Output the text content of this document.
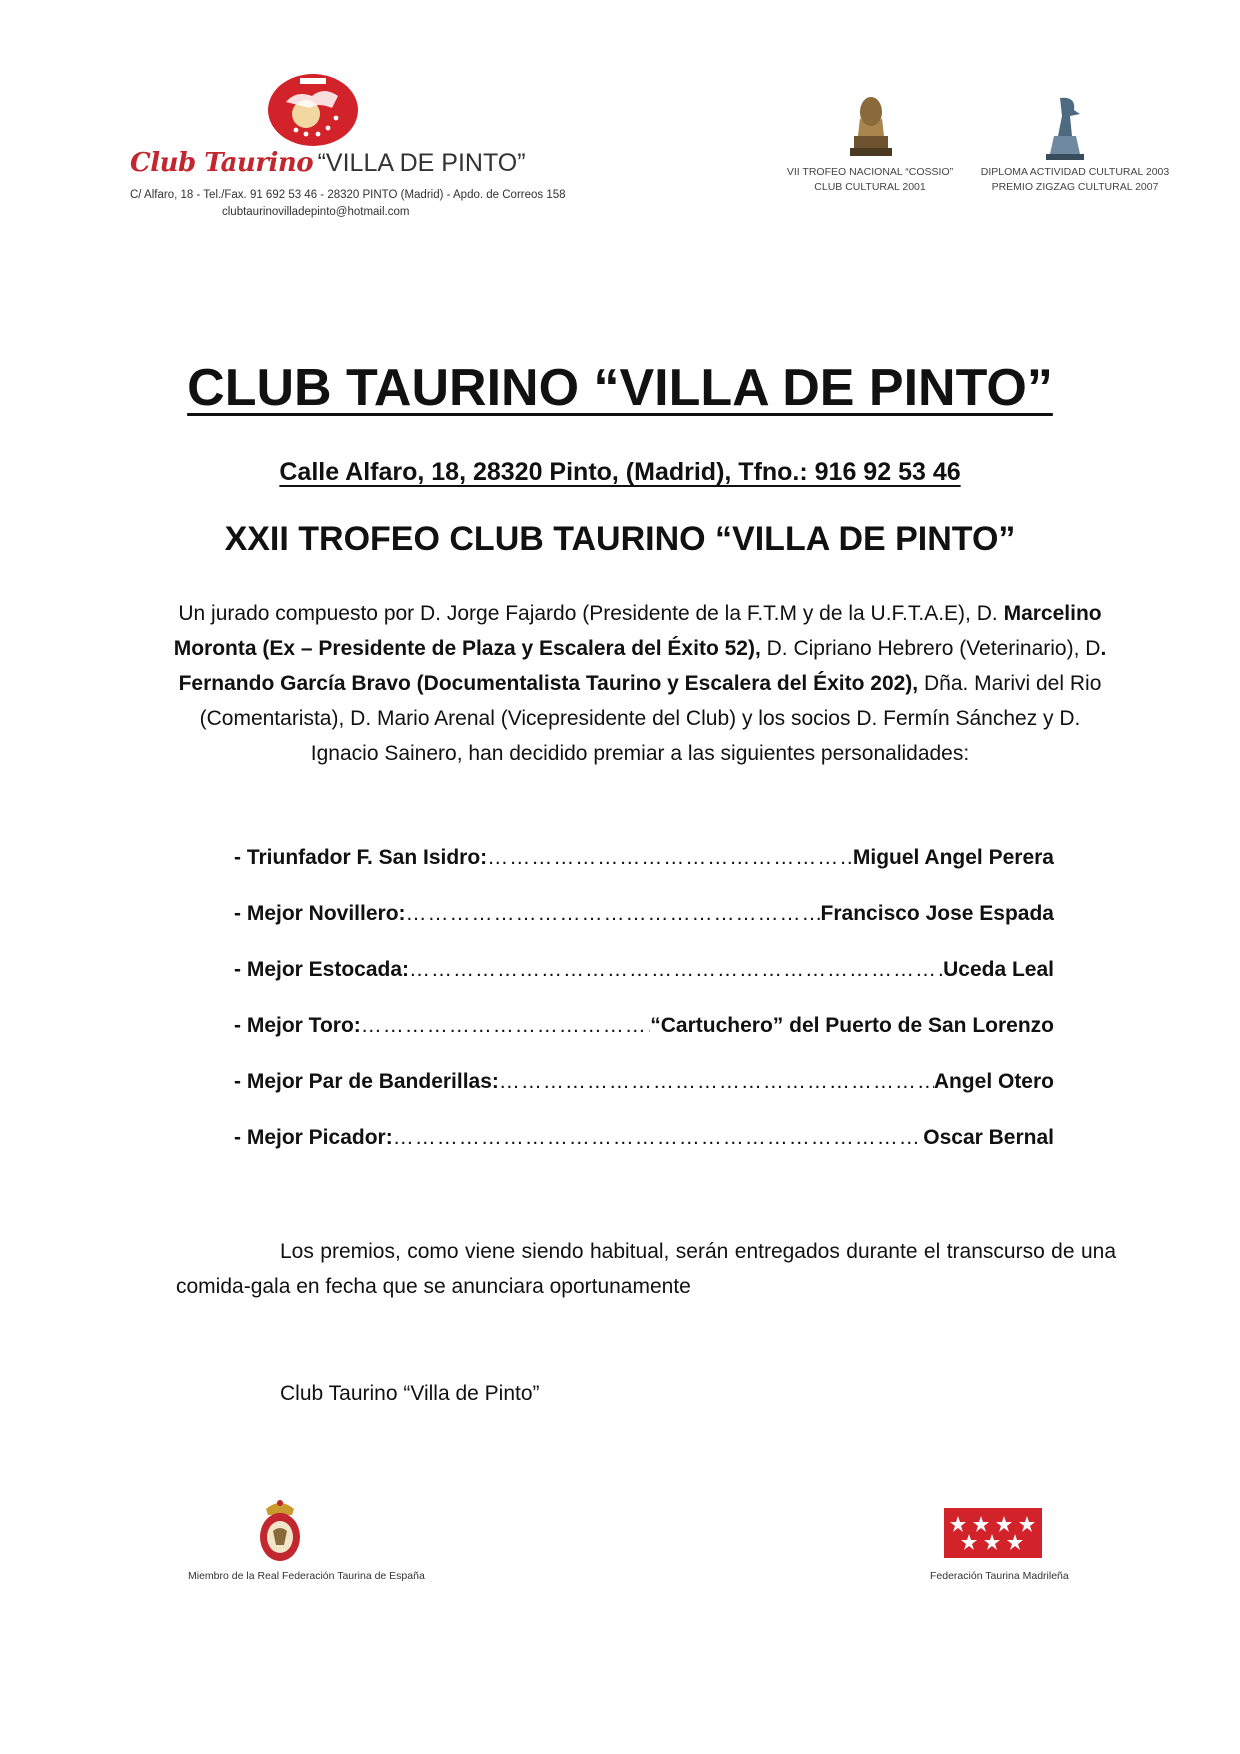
Club Taurino “VILLA DE PINTO”
C/ Alfaro, 18 - Tel./Fax. 91 692 53 46 - 28320 PINTO (Madrid) - Apdo. de Correos 158
clubtaurinovilladepinto@hotmail.com
VII TROFEO NACIONAL “COSSIO”
CLUB CULTURAL 2001
DIPLOMA ACTIVIDAD CULTURAL 2003
PREMIO ZIGZAG CULTURAL 2007
CLUB TAURINO “VILLA DE PINTO”
Calle Alfaro, 18, 28320 Pinto, (Madrid), Tfno.: 916 92 53 46
XXII TROFEO CLUB TAURINO “VILLA DE PINTO”
Un jurado compuesto por D. Jorge Fajardo (Presidente de la F.T.M y de la U.F.T.A.E), D. Marcelino Moronta (Ex – Presidente de Plaza y Escalera del Éxito 52), D. Cipriano Hebrero (Veterinario), D. Fernando García Bravo (Documentalista Taurino y Escalera del Éxito 202), Dña. Marivi del Rio (Comentarista), D. Mario Arenal (Vicepresidente del Club) y los socios D. Fermín Sánchez y D. Ignacio Sainero, han decidido premiar a las siguientes personalidades:
- Triunfador F. San Isidro: …………………………………………………………………………………………………………………………………………	Miguel Angel Perera
- Mejor Novillero: …………………………………………………………………………………………………………………………………………	Francisco Jose Espada
- Mejor Estocada: …………………………………………………………………………………………………………………………………………	Uceda Leal
- Mejor Toro: …………………………………………………………………………………………………………………………………………	“Cartuchero” del Puerto de San Lorenzo
- Mejor Par de Banderillas: …………………………………………………………………………………………………………………………………………	Angel Otero
- Mejor Picador: …………………………………………………………………………………………………………………………………………	Oscar Bernal
Los premios, como viene siendo habitual, serán entregados durante el transcurso de una comida-gala en fecha que se anunciara oportunamente
Club Taurino “Villa de Pinto”
Miembro de la Real Federación Taurina de España	Federación Taurina Madrileña
